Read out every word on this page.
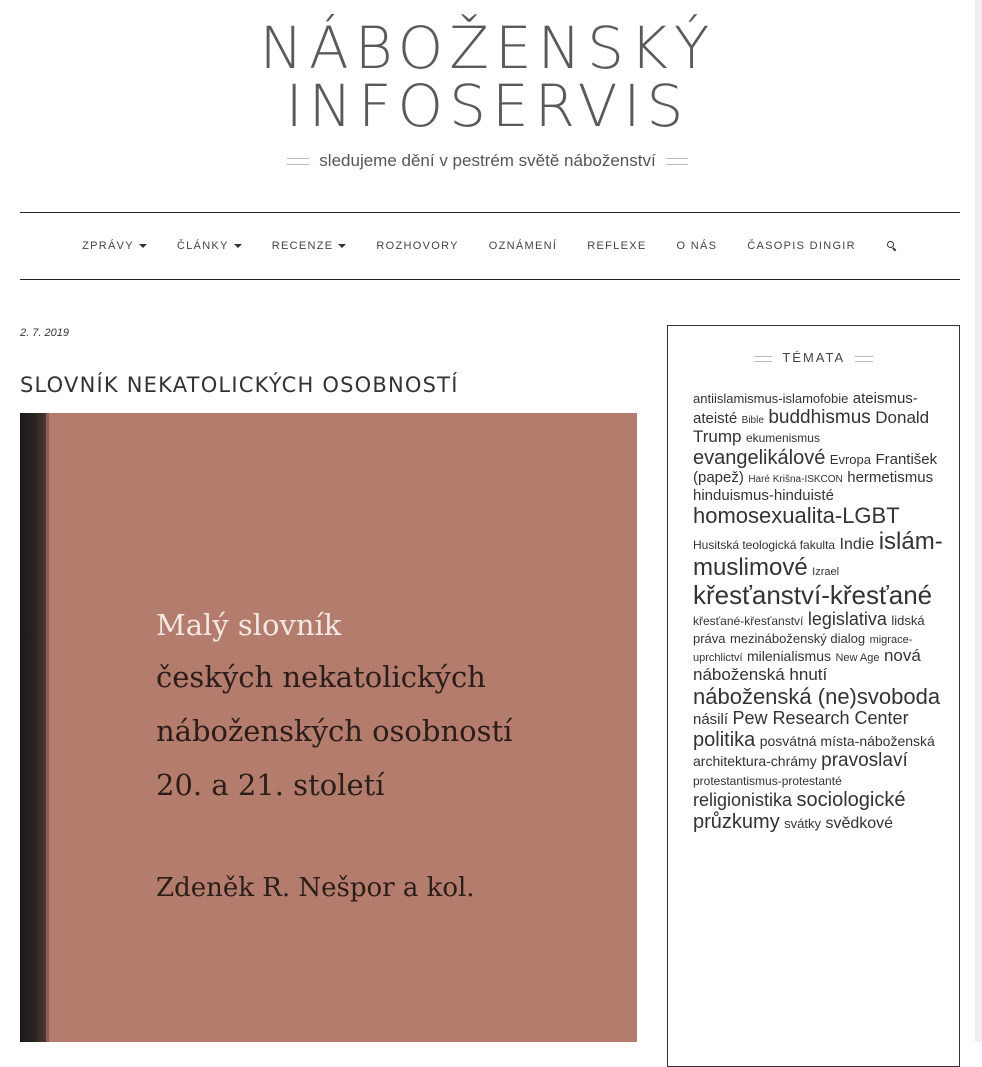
NÁBOŽENSKÝ
INFOSERVIS
sledujeme dění v pestrém světě náboženství
ZPRÁVY	ČLÁNKY	RECENZE	ROZHOVORY	OZNÁMENÍ	REFLEXE	O NÁS	ČASOPIS DINGIR
2. 7. 2019
SLOVNÍK NEKATOLICKÝCH OSOBNOSTÍ
Malý slovník
českých nekatolických
náboženských osobností
20. a 21. století
Zdeněk R. Nešpor a kol.
TÉMATA
antiislamismus-islamofobie ateismus-ateisté Bible buddhismus Donald Trump ekumenismus evangelikálové Evropa František (papež) Haré Krišna-ISKCON hermetismus hinduismus-hinduisté homosexualita-LGBT Husitská teologická fakulta Indie islám-muslimové Izrael křesťanství-křesťané křesťané-křesťanství legislativa lidská práva mezináboženský dialog migrace-uprchlictví milenialismus New Age nová náboženská hnutí náboženská (ne)svoboda násilí Pew Research Center politika posvátná místa-náboženská architektura-chrámy pravoslaví protestantismus-protestanté religionistika sociologické průzkumy svátky svědkové
